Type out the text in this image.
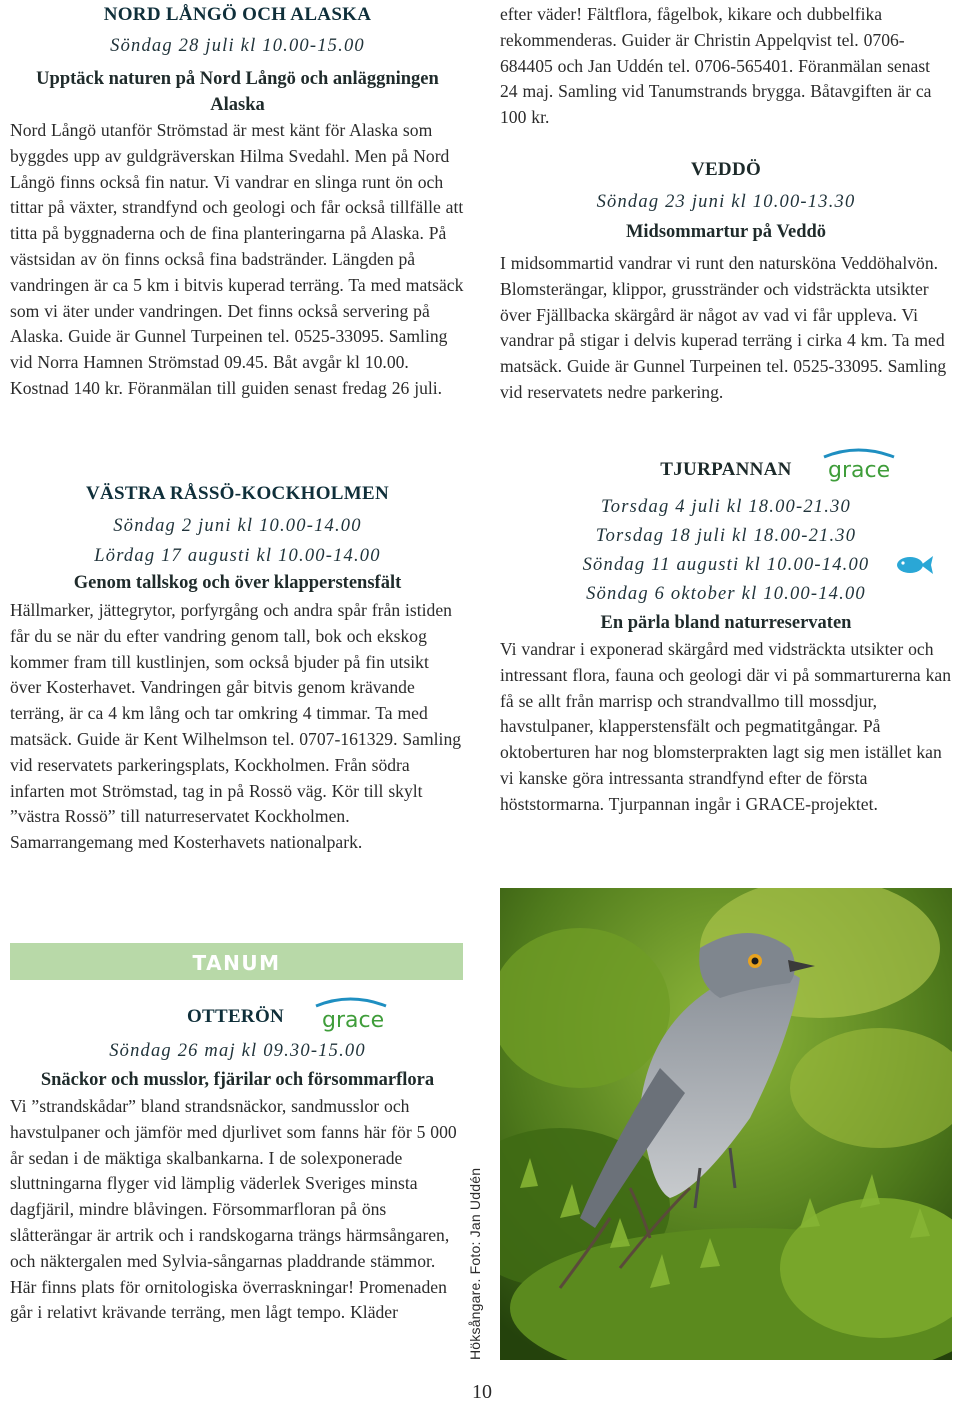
NORD LÅNGÖ OCH ALASKA
Söndag 28 juli kl 10.00-15.00
Upptäck naturen på Nord Långö och anläggningen Alaska
Nord Långö utanför Strömstad är mest känt för Alaska som byggdes upp av guldgräverskan Hilma Svedahl. Men på Nord Långö finns också fin natur. Vi vandrar en slinga runt ön och tittar på växter, strandfynd och geologi och får också tillfälle att titta på byggnaderna och de fina planteringarna på Alaska. På västsidan av ön finns också fina badstränder. Längden på vandringen är ca 5 km i bitvis kuperad terräng. Ta med matsäck som vi äter under vandringen. Det finns också servering på Alaska. Guide är Gunnel Turpeinen tel. 0525-33095. Samling vid Norra Hamnen Strömstad 09.45. Båt avgår kl 10.00. Kostnad 140 kr. Föranmälan till guiden senast fredag 26 juli.
VÄSTRA RÅSSÖ-KOCKHOLMEN
Söndag 2 juni kl 10.00-14.00
Lördag 17 augusti kl 10.00-14.00
Genom tallskog och över klapperstensfält
Hällmarker, jättegrytor, porfyrgång och andra spår från istiden får du se när du efter vandring genom tall, bok och ekskog kommer fram till kustlinjen, som också bjuder på fin utsikt över Kosterhavet. Vandringen går bitvis genom krävande terräng, är ca 4 km lång och tar omkring 4 timmar. Ta med matsäck. Guide är Kent Wilhelmson tel. 0707-161329. Samling vid reservatets parkeringsplats, Kockholmen. Från södra infarten mot Strömstad, tag in på Rossö väg. Kör till skylt ”västra Rossö” till naturreservatet Kockholmen. Samarrangemang med Kosterhavets nationalpark.
OTTERÖN	grace
Söndag 26 maj kl 09.30-15.00
Snäckor och musslor, fjärilar och försommarflora
Vi ”strandskådar” bland strandsnäckor, sandmusslor och havstulpaner och jämför med djurlivet som fanns här för 5 000 år sedan i de mäktiga skalbankarna. I de solexponerade sluttningarna flyger vid lämplig väderlek Sveriges minsta dagfjäril, mindre blåvingen. Försommarfloran på öns slåtterängar är artrik och i randskogarna trängs härmsångaren, och näktergalen med Sylvia-sångarnas pladdrande stämmor. Här finns plats för ornitologiska överraskningar! Promenaden går i relativt krävande terräng, men lågt tempo. Kläder
TANUM
efter väder! Fältflora, fågelbok, kikare och dubbelfika rekommenderas. Guider är Christin Appelqvist tel. 0706-684405 och Jan Uddén tel. 0706-565401. Föranmälan senast 24 maj. Samling vid Tanumstrands brygga. Båtavgiften är ca 100 kr.
VEDDÖ
Söndag 23 juni kl 10.00-13.30
Midsommartur på Veddö
I midsommartid vandrar vi runt den natursköna Veddöhalvön. Blomsterängar, klippor, grusstränder och vidsträckta utsikter över Fjällbacka skärgård är något av vad vi får uppleva. Vi vandrar på stigar i delvis kuperad terräng i cirka 4 km. Ta med matsäck. Guide är Gunnel Turpeinen tel. 0525-33095. Samling vid reservatets nedre parkering.
TJURPANNAN	grace
Torsdag 4 juli kl 18.00-21.30
Torsdag 18 juli kl 18.00-21.30
Söndag 11 augusti kl 10.00-14.00
Söndag 6 oktober kl 10.00-14.00
En pärla bland naturreservaten
Vi vandrar i exponerad skärgård med vidsträckta utsikter och intressant flora, fauna och geologi där vi på sommarturerna kan få se allt från marrisp och strandvallmo till mossdjur, havstulpaner, klapperstensfält och pegmatitgångar. På oktoberturen har nog blomsterprakten lagt sig men istället kan vi kanske göra intressanta strandfynd efter de första höststormarna. Tjurpannan ingår i GRACE-projektet.
Höksångare. Foto: Jan Uddén
10
